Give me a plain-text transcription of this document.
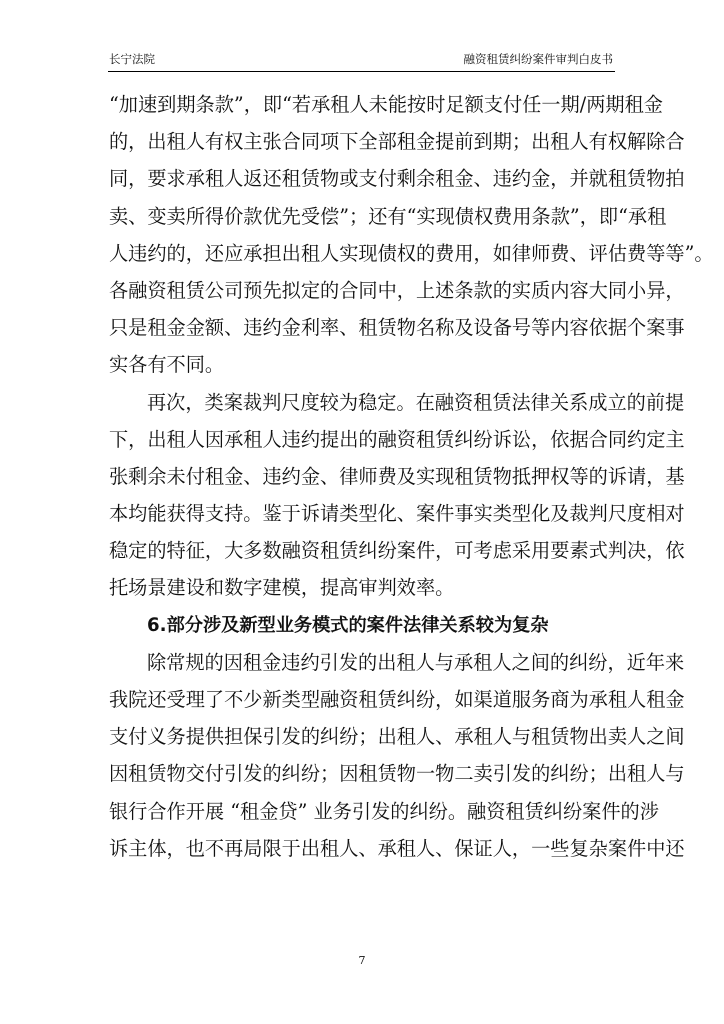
长宁法院	融资租赁纠纷案件审判白皮书
“加速到期条款”，即“若承租人未能按时足额支付任一期/两期租金
的，出租人有权主张合同项下全部租金提前到期；出租人有权解除合
同，要求承租人返还租赁物或支付剩余租金、违约金，并就租赁物拍
卖、变卖所得价款优先受偿”；还有“实现债权费用条款”，即“承租
人违约的，还应承担出租人实现债权的费用，如律师费、评估费等等”。
各融资租赁公司预先拟定的合同中，上述条款的实质内容大同小异，
只是租金金额、违约金利率、租赁物名称及设备号等内容依据个案事
实各有不同。
再次，类案裁判尺度较为稳定。在融资租赁法律关系成立的前提
下，出租人因承租人违约提出的融资租赁纠纷诉讼，依据合同约定主
张剩余未付租金、违约金、律师费及实现租赁物抵押权等的诉请，基
本均能获得支持。鉴于诉请类型化、案件事实类型化及裁判尺度相对
稳定的特征，大多数融资租赁纠纷案件，可考虑采用要素式判决，依
托场景建设和数字建模，提高审判效率。
6.部分涉及新型业务模式的案件法律关系较为复杂
除常规的因租金违约引发的出租人与承租人之间的纠纷，近年来
我院还受理了不少新类型融资租赁纠纷，如渠道服务商为承租人租金
支付义务提供担保引发的纠纷；出租人、承租人与租赁物出卖人之间
因租赁物交付引发的纠纷；因租赁物一物二卖引发的纠纷；出租人与
银行合作开展 “租金贷” 业务引发的纠纷。融资租赁纠纷案件的涉
诉主体，也不再局限于出租人、承租人、保证人，一些复杂案件中还
7
